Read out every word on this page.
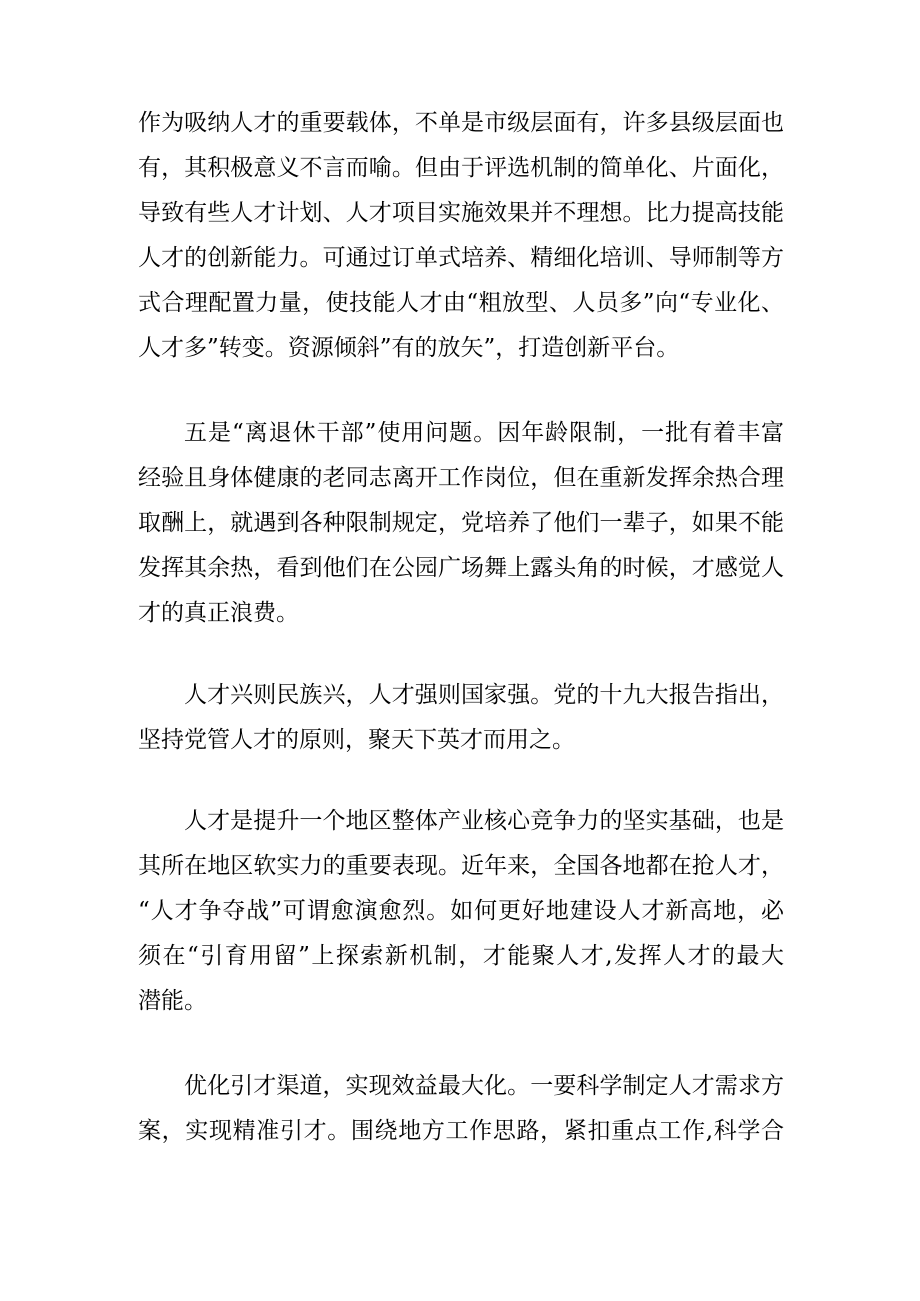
作为吸纳人才的重要载体，不单是市级层面有，许多县级层面也
有，其积极意义不言而喻。但由于评选机制的简单化、片面化，
导致有些人才计划、人才项目实施效果并不理想。比力提高技能
人才的创新能力。可通过订单式培养、精细化培训、导师制等方
式合理配置力量，使技能人才由“粗放型、人员多”向“专业化、
人才多”转变。资源倾斜”有的放矢”，打造创新平台。

五是“离退休干部”使用问题。因年龄限制，一批有着丰富
经验且身体健康的老同志离开工作岗位，但在重新发挥余热合理
取酬上，就遇到各种限制规定，党培养了他们一辈子，如果不能
发挥其余热，看到他们在公园广场舞上露头角的时候，才感觉人
才的真正浪费。

人才兴则民族兴，人才强则国家强。党的十九大报告指出，
坚持党管人才的原则，聚天下英才而用之。

人才是提升一个地区整体产业核心竞争力的坚实基础，也是
其所在地区软实力的重要表现。近年来，全国各地都在抢人才，
“人才争夺战”可谓愈演愈烈。如何更好地建设人才新高地，必
须在“引育用留”上探索新机制，才能聚人才,发挥人才的最大
潜能。

优化引才渠道，实现效益最大化。一要科学制定人才需求方
案，实现精准引才。围绕地方工作思路，紧扣重点工作,科学合
